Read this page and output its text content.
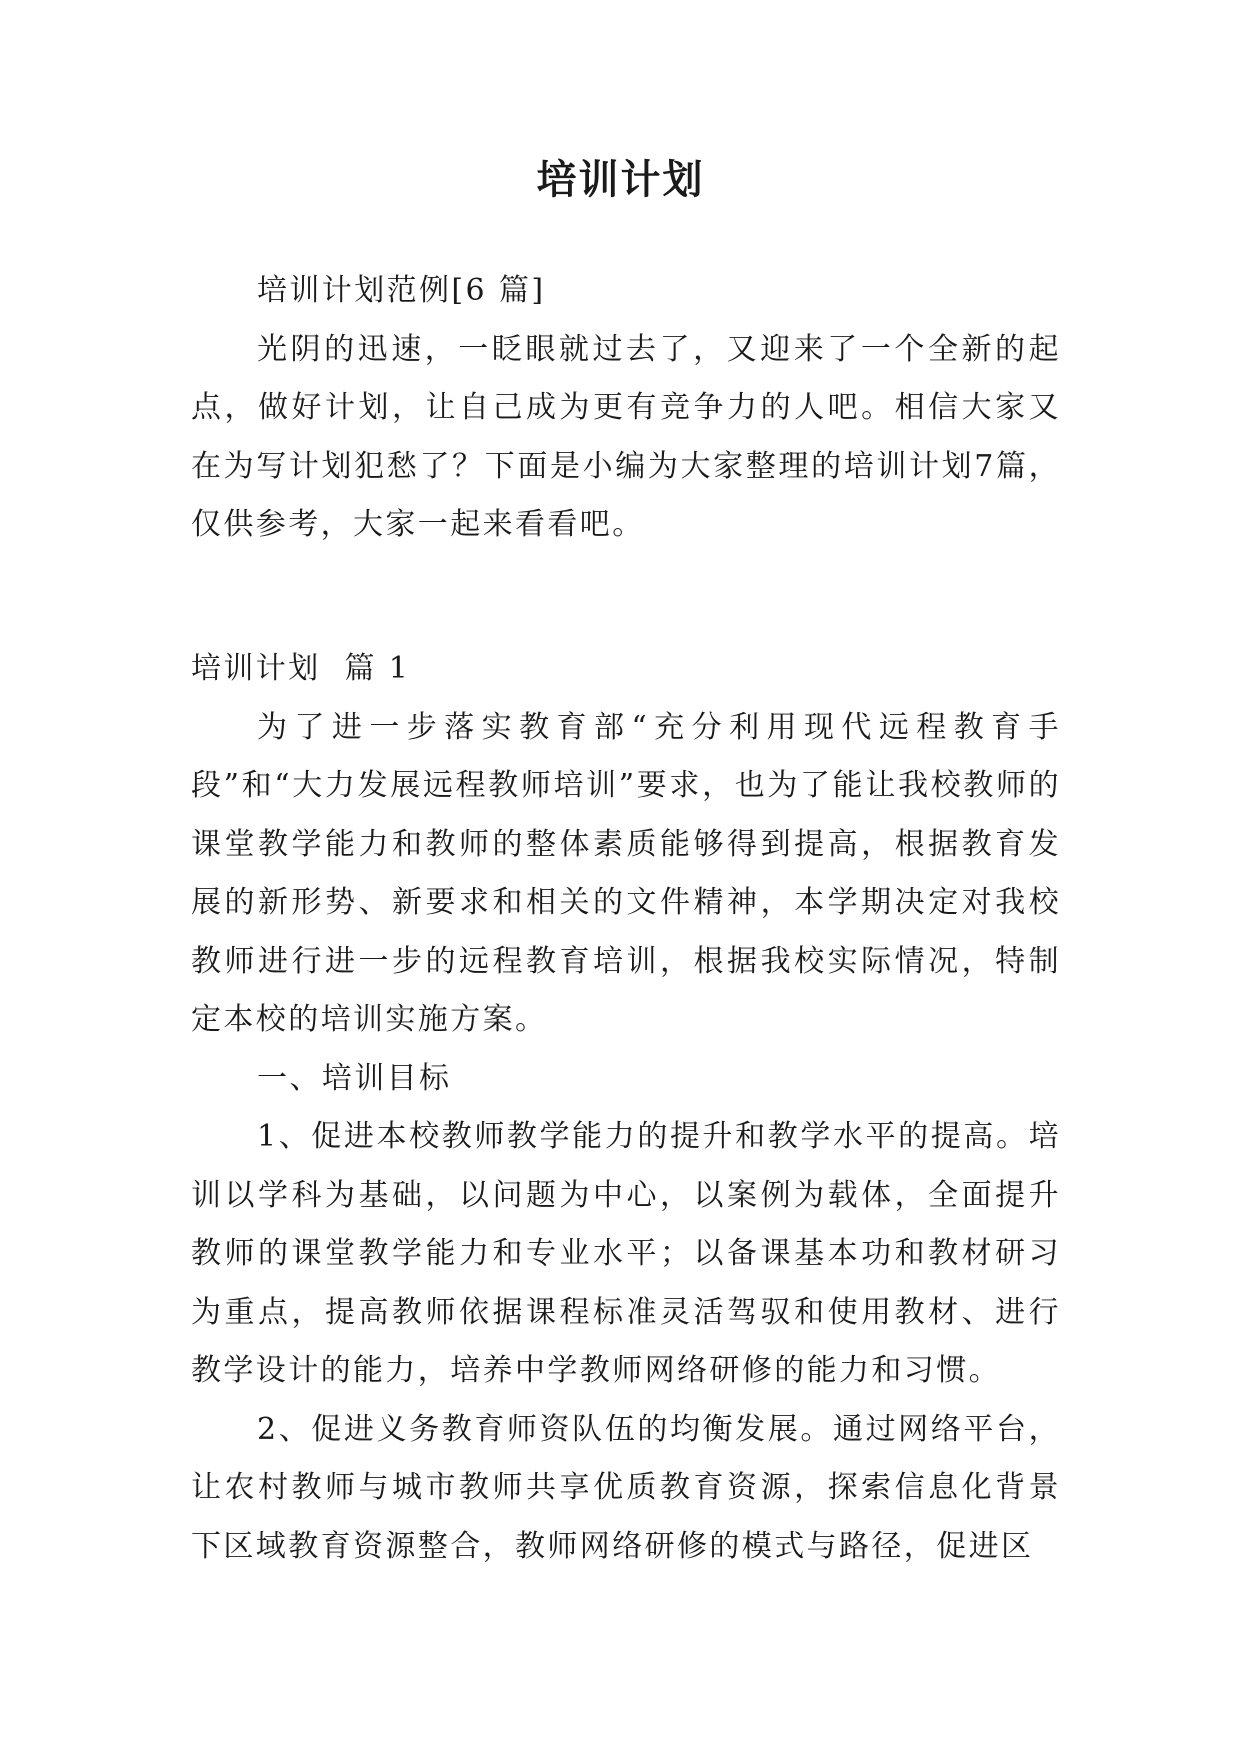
培训计划

培训计划范例[6 篇]

光阴的迅速，一眨眼就过去了，又迎来了一个全新的起点，做好计划，让自己成为更有竞争力的人吧。相信大家又在为写计划犯愁了？下面是小编为大家整理的培训计划7篇，仅供参考，大家一起来看看吧。

培训计划  篇 1

为了进一步落实教育部“充分利用现代远程教育手段”和“大力发展远程教师培训”要求，也为了能让我校教师的课堂教学能力和教师的整体素质能够得到提高，根据教育发展的新形势、新要求和相关的文件精神，本学期决定对我校教师进行进一步的远程教育培训，根据我校实际情况，特制定本校的培训实施方案。

一、培训目标

1、促进本校教师教学能力的提升和教学水平的提高。培训以学科为基础，以问题为中心，以案例为载体，全面提升教师的课堂教学能力和专业水平；以备课基本功和教材研习为重点，提高教师依据课程标准灵活驾驭和使用教材、进行教学设计的能力，培养中学教师网络研修的能力和习惯。

2、促进义务教育师资队伍的均衡发展。通过网络平台，让农村教师与城市教师共享优质教育资源，探索信息化背景下区域教育资源整合，教师网络研修的模式与路径，促进区
